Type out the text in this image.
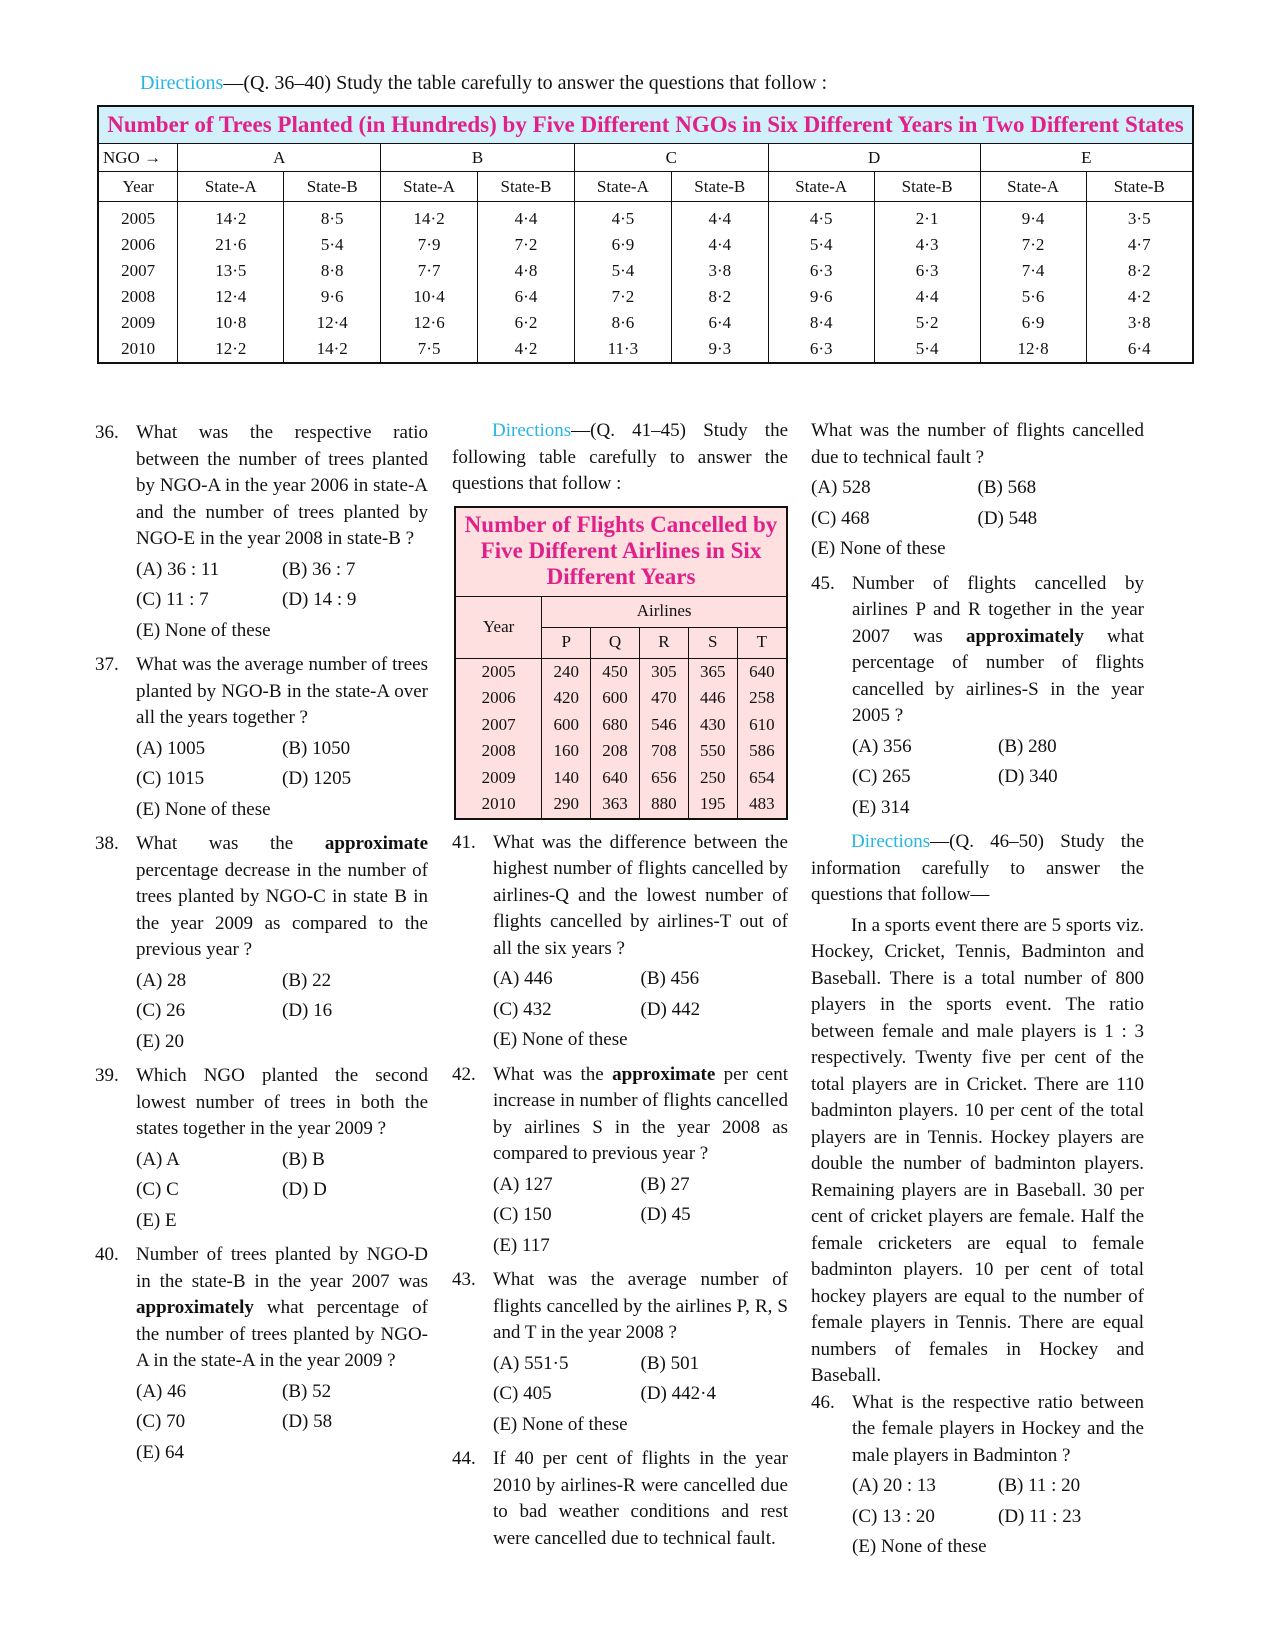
Directions—(Q. 36–40) Study the table carefully to answer the questions that follow :
Number of Trees Planted (in Hundreds) by Five Different NGOs in Six Different Years in Two Different States
NGO →	A		B		C		D		E	
Year	State-A	State-B	State-A	State-B	State-A	State-B	State-A	State-B	State-A	State-B
2005	14·2	8·5	14·2	4·4	4·5	4·4	4·5	2·1	9·4	3·5
2006	21·6	5·4	7·9	7·2	6·9	4·4	5·4	4·3	7·2	4·7
2007	13·5	8·8	7·7	4·8	5·4	3·8	6·3	6·3	7·4	8·2
2008	12·4	9·6	10·4	6·4	7·2	8·2	9·6	4·4	5·6	4·2
2009	10·8	12·4	12·6	6·2	8·6	6·4	8·4	5·2	6·9	3·8
2010	12·2	14·2	7·5	4·2	11·3	9·3	6·3	5·4	12·8	6·4
36. What was the respective ratio between the number of trees planted by NGO-A in the year 2006 in state-A and the number of trees planted by NGO-E in the year 2008 in state-B ?
(A) 36 : 11	(B) 36 : 7
(C) 11 : 7	(D) 14 : 9
(E) None of these
37. What was the average number of trees planted by NGO-B in the state-A over all the years together ?
(A) 1005	(B) 1050
(C) 1015	(D) 1205
(E) None of these
38. What was the approximate percentage decrease in the number of trees planted by NGO-C in state B in the year 2009 as compared to the previous year ?
(A) 28	(B) 22
(C) 26	(D) 16
(E) 20
39. Which NGO planted the second lowest number of trees in both the states together in the year 2009 ?
(A) A	(B) B
(C) C	(D) D
(E) E
40. Number of trees planted by NGO-D in the state-B in the year 2007 was approximately what percentage of the number of trees planted by NGO-A in the state-A in the year 2009 ?
(A) 46	(B) 52
(C) 70	(D) 58
(E) 64
Directions—(Q. 41–45) Study the following table carefully to answer the questions that follow :
Number of Flights Cancelled by Five Different Airlines in Six Different Years
Year	Airlines				
	P	Q	R	S	T
2005	240	450	305	365	640
2006	420	600	470	446	258
2007	600	680	546	430	610
2008	160	208	708	550	586
2009	140	640	656	250	654
2010	290	363	880	195	483
41. What was the difference between the highest number of flights cancelled by airlines-Q and the lowest number of flights cancelled by airlines-T out of all the six years ?
(A) 446	(B) 456
(C) 432	(D) 442
(E) None of these
42. What was the approximate per cent increase in number of flights cancelled by airlines S in the year 2008 as compared to previous year ?
(A) 127	(B) 27
(C) 150	(D) 45
(E) 117
43. What was the average number of flights cancelled by the airlines P, R, S and T in the year 2008 ?
(A) 551·5	(B) 501
(C) 405	(D) 442·4
(E) None of these
44. If 40 per cent of flights in the year 2010 by airlines-R were cancelled due to bad weather conditions and rest were cancelled due to technical fault.
What was the number of flights cancelled due to technical fault ?
(A) 528	(B) 568
(C) 468	(D) 548
(E) None of these
45. Number of flights cancelled by airlines P and R together in the year 2007 was approximately what percentage of number of flights cancelled by airlines-S in the year 2005 ?
(A) 356	(B) 280
(C) 265	(D) 340
(E) 314
Directions—(Q. 46–50) Study the information carefully to answer the questions that follow—
In a sports event there are 5 sports viz. Hockey, Cricket, Tennis, Badminton and Baseball. There is a total number of 800 players in the sports event. The ratio between female and male players is 1 : 3 respectively. Twenty five per cent of the total players are in Cricket. There are 110 badminton players. 10 per cent of the total players are in Tennis. Hockey players are double the number of badminton players. Remaining players are in Baseball. 30 per cent of cricket players are female. Half the female cricketers are equal to female badminton players. 10 per cent of total hockey players are equal to the number of female players in Tennis. There are equal numbers of females in Hockey and Baseball.
46. What is the respective ratio between the female players in Hockey and the male players in Badminton ?
(A) 20 : 13	(B) 11 : 20
(C) 13 : 20	(D) 11 : 23
(E) None of these
